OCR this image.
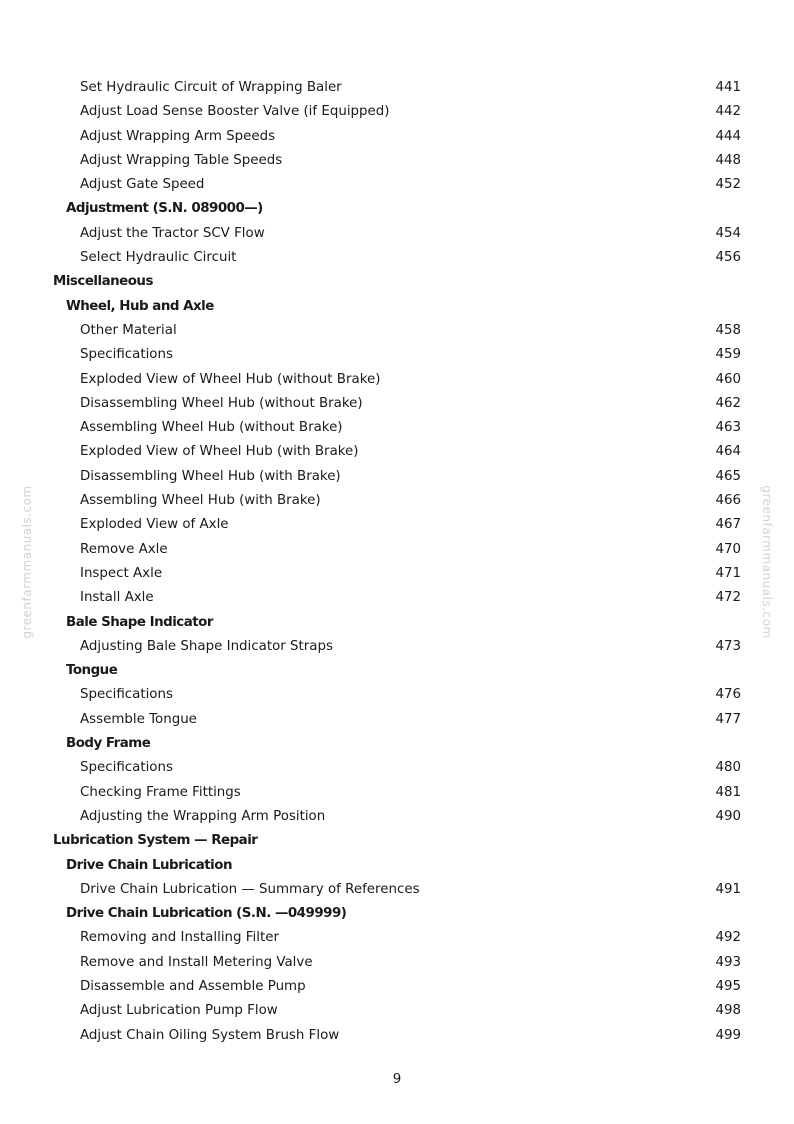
Set Hydraulic Circuit of Wrapping Baler	441
Adjust Load Sense Booster Valve (if Equipped)	442
Adjust Wrapping Arm Speeds	444
Adjust Wrapping Table Speeds	448
Adjust Gate Speed	452
Adjustment (S.N. 089000—)
Adjust the Tractor SCV Flow	454
Select Hydraulic Circuit	456
Miscellaneous
Wheel, Hub and Axle
Other Material	458
Specifications	459
Exploded View of Wheel Hub (without Brake)	460
Disassembling Wheel Hub (without Brake)	462
Assembling Wheel Hub (without Brake)	463
Exploded View of Wheel Hub (with Brake)	464
Disassembling Wheel Hub (with Brake)	465
Assembling Wheel Hub (with Brake)	466
Exploded View of Axle	467
Remove Axle	470
Inspect Axle	471
Install Axle	472
Bale Shape Indicator
Adjusting Bale Shape Indicator Straps	473
Tongue
Specifications	476
Assemble Tongue	477
Body Frame
Specifications	480
Checking Frame Fittings	481
Adjusting the Wrapping Arm Position	490
Lubrication System — Repair
Drive Chain Lubrication
Drive Chain Lubrication — Summary of References	491
Drive Chain Lubrication (S.N. —049999)
Removing and Installing Filter	492
Remove and Install Metering Valve	493
Disassemble and Assemble Pump	495
Adjust Lubrication Pump Flow	498
Adjust Chain Oiling System Brush Flow	499
9
greenfarmmanuals.com	greenfarmmanuals.com
